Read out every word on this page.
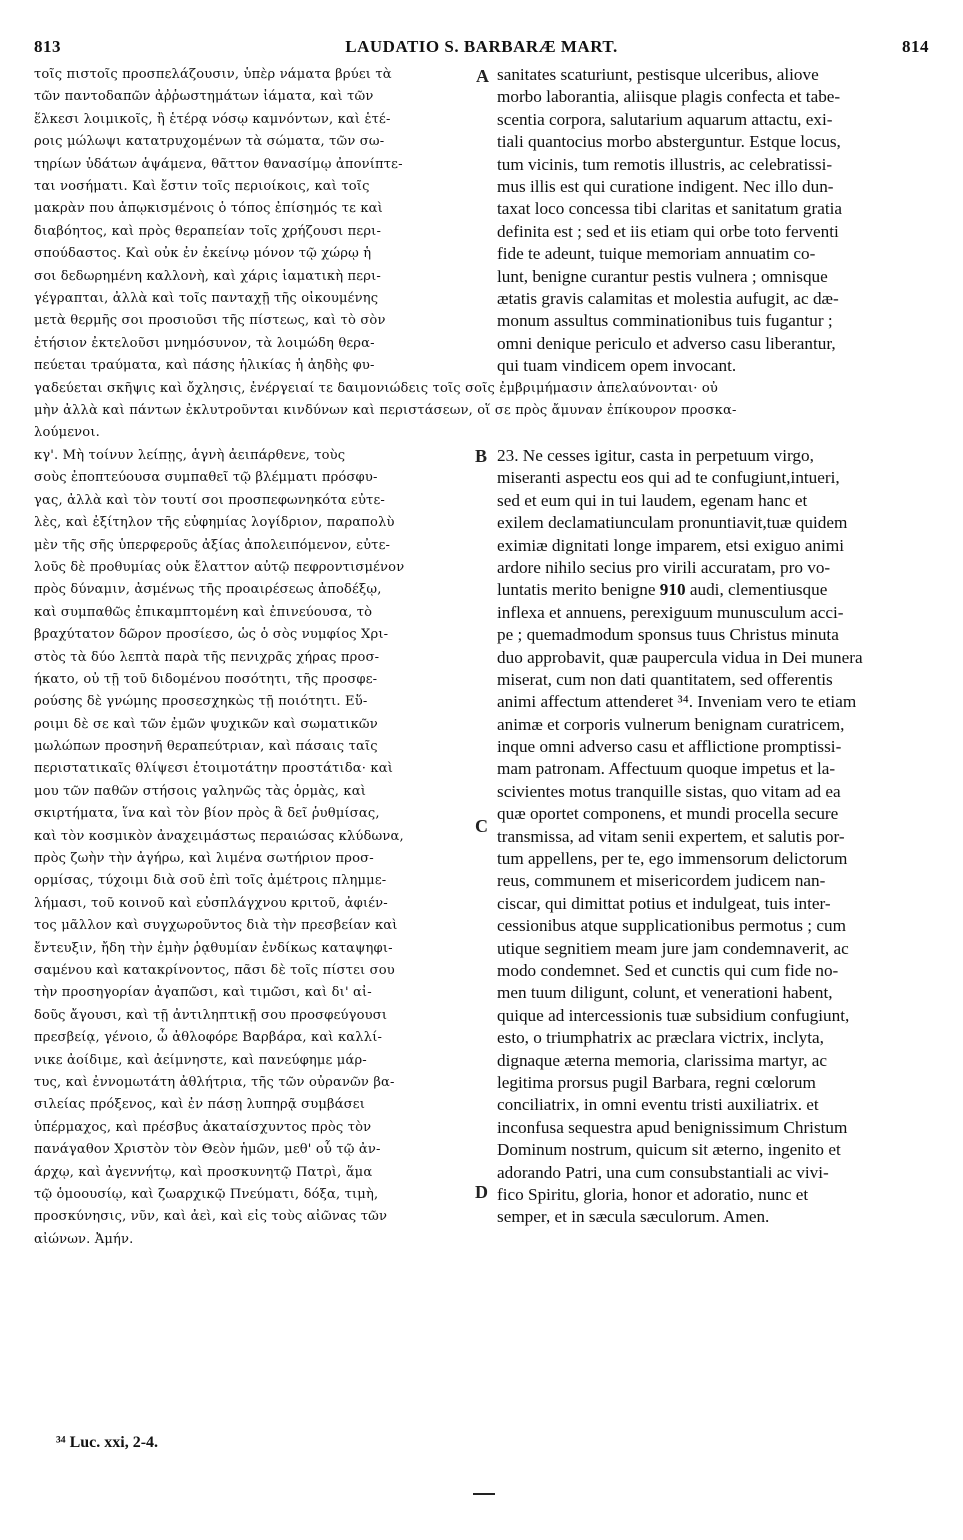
813	LAUDATIO S. BARBARÆ MART.	814
τοῖς πιστοῖς προσπελάζουσιν, ὑπὲρ νάματα βρύει τὰ
τῶν παντοδαπῶν ἀῤῥωστημάτων ἰάματα, καὶ τῶν
ἕλκεσι λοιμικοῖς, ἢ ἑτέρᾳ νόσῳ καμνόντων, καὶ ἑτέ-
ροις μώλωψι κατατρυχομένων τὰ σώματα, τῶν σω-
τηρίων ὑδάτων ἁψάμενα, θᾶττον θανασίμῳ ἀπονίπτε-
ται νοσήματι. Καὶ ἔστιν τοῖς περιοίκοις, καὶ τοῖς
μακρὰν που ἀπῳκισμένοις ὁ τόπος ἐπίσημός τε καὶ
διαβόητος, καὶ πρὸς θεραπείαν τοῖς χρήζουσι περι-
σπούδαστος. Καὶ οὐκ ἐν ἐκείνῳ μόνον τῷ χώρῳ ἡ
σοι δεδωρημένη καλλονὴ, καὶ χάρις ἰαματικὴ περι-
γέγραπται, ἀλλὰ καὶ τοῖς πανταχῇ τῆς οἰκουμένης
μετὰ θερμῆς σοι προσιοῦσι τῆς πίστεως, καὶ τὸ σὸν
ἐτήσιον ἐκτελοῦσι μνημόσυνον, τὰ λοιμώδη θερα-
πεύεται τραύματα, καὶ πάσης ἡλικίας ἡ ἀηδὴς φυ-
sanitates scaturiunt, pestisque ulceribus, aliove
morbo laborantia, aliisque plagis confecta et tabe-
scentia corpora, salutarium aquarum attactu, exi-
tiali quantocius morbo absterguntur. Estque locus,
tum vicinis, tum remotis illustris, ac celebratissi-
mus illis est qui curatione indigent. Nec illo dun-
taxat loco concessa tibi claritas et sanitatum gratia
definita est ; sed et iis etiam qui orbe toto ferventi
fide te adeunt, tuique memoriam annuatim co-
lunt, benigne curantur pestis vulnera ; omnisque
ætatis gravis calamitas et molestia aufugit, ac dæ-
monum assultus comminationibus tuis fugantur ;
omni denique periculo et adverso casu liberantur,
qui tuam vindicem opem invocant.
γαδεύεται σκῆψις καὶ ὄχλησις, ἐνέργειαί τε δαιμονιώδεις τοῖς σοῖς ἐμβριμήμασιν ἀπελαύνονται· οὐ
μὴν ἀλλὰ καὶ πάντων ἐκλυτροῦνται κινδύνων καὶ περιστάσεων, οἵ σε πρὸς ἄμυναν ἐπίκουρον προσκα-
λούμενοι.
κγ'. Μὴ τοίνυν λείπῃς, ἁγνὴ ἀειπάρθενε, τοὺς
σοὺς ἐποπτεύουσα συμπαθεῖ τῷ βλέμματι πρόσφυ-
γας, ἀλλὰ καὶ τὸν τουτί σοι προσπεφωνηκότα εὐτε-
λὲς, καὶ ἐξίτηλον τῆς εὐφημίας λογίδριον, παραπολὺ
μὲν τῆς σῆς ὑπερφεροῦς ἀξίας ἀπολειπόμενον, εὐτε-
λοῦς δὲ προθυμίας οὐκ ἔλαττον αὐτῷ πεφροντισμένον
πρὸς δύναμιν, ἀσμένως τῆς προαιρέσεως ἀποδέξῳ,
καὶ συμπαθῶς ἐπικαμπτομένη καὶ ἐπινεύουσα, τὸ
βραχύτατον δῶρον προσίεσο, ὡς ὁ σὸς νυμφίος Χρι-
στὸς τὰ δύο λεπτὰ παρὰ τῆς πενιχρᾶς χήρας προσ-
ήκατο, οὐ τῇ τοῦ διδομένου ποσότητι, τῆς προσφε-
ρούσης δὲ γνώμης προσεσχηκὼς τῇ ποιότητι. Εὕ-
ροιμι δὲ σε καὶ τῶν ἐμῶν ψυχικῶν καὶ σωματικῶν
μωλώπων προσηνῆ θεραπεύτριαν, καὶ πάσαις ταῖς
περιστατικαῖς θλίψεσι ἑτοιμοτάτην προστάτιδα· καὶ
μου τῶν παθῶν στήσοις γαληνῶς τὰς ὁρμὰς, καὶ
σκιρτήματα, ἵνα καὶ τὸν βίον πρὸς ἃ δεῖ ῥυθμίσας,
καὶ τὸν κοσμικὸν ἀναχειμάστως περαιώσας κλύδωνα,
πρὸς ζωὴν τὴν ἀγήρω, καὶ λιμένα σωτήριον προσ-
ορμίσας, τύχοιμι διὰ σοῦ ἐπὶ τοῖς ἀμέτροις πλημμε-
λήμασι, τοῦ κοινοῦ καὶ εὐσπλάγχνου κριτοῦ, ἀφιέν-
τος μᾶλλον καὶ συγχωροῦντος διὰ τὴν πρεσβείαν καὶ
ἔντευξιν, ἤδη τὴν ἐμὴν ῥᾳθυμίαν ἐνδίκως καταψηφι-
σαμένου καὶ κατακρίνοντος, πᾶσι δὲ τοῖς πίστει σου
τὴν προσηγορίαν ἀγαπῶσι, καὶ τιμῶσι, καὶ δι' αἰ-
δοῦς ἄγουσι, καὶ τῇ ἀντιληπτικῇ σου προσφεύγουσι
πρεσβείᾳ, γένοιο, ὦ ἀθλοφόρε Βαρβάρα, καὶ καλλί-
νικε ἀοίδιμε, καὶ ἀείμνηστε, καὶ πανεύφημε μάρ-
τυς, καὶ ἐννομωτάτη ἀθλήτρια, τῆς τῶν οὐρανῶν βα-
σιλείας πρόξενος, καὶ ἐν πάσῃ λυπηρᾷ συμβάσει
ὑπέρμαχος, καὶ πρέσβυς ἀκαταίσχυντος πρὸς τὸν
πανάγαθον Χριστὸν τὸν Θεὸν ἡμῶν, μεθ' οὗ τῷ ἀν-
άρχῳ, καὶ ἀγεννήτῳ, καὶ προσκυνητῷ Πατρὶ, ἅμα
τῷ ὁμοουσίῳ, καὶ ζωαρχικῷ Πνεύματι, δόξα, τιμὴ,
προσκύνησις, νῦν, καὶ ἀεὶ, καὶ εἰς τοὺς αἰῶνας τῶν
αἰώνων. Ἀμήν.
23. Ne cesses igitur, casta in perpetuum virgo,
miseranti aspectu eos qui ad te confugiunt,intueri,
sed et eum qui in tui laudem, egenam hanc et
exilem declamatiunculam pronuntiavit,tuæ quidem
eximiæ dignitati longe imparem, etsi exiguo animi
ardore nihilo secius pro virili accuratam, pro vo-
luntatis merito benigne 910 audi, clementiusque
inflexa et annuens, perexiguum munusculum acci-
pe ; quemadmodum sponsus tuus Christus minuta
duo approbavit, quæ paupercula vidua in Dei munera
miserat, cum non dati quantitatem, sed offerentis
animi affectum attenderet ³⁴. Inveniam vero te etiam
animæ et corporis vulnerum benignam curatricem,
inque omni adverso casu et afflictione promptissi-
mam patronam. Affectuum quoque impetus et la-
scivientes motus tranquille sistas, quo vitam ad ea
quæ oportet componens, et mundi procella secure
transmissa, ad vitam senii expertem, et salutis por-
tum appellens, per te, ego immensorum delictorum
reus, communem et misericordem judicem nan-
ciscar, qui dimittat potius et indulgeat, tuis inter-
cessionibus atque supplicationibus permotus ; cum
utique segnitiem meam jure jam condemnaverit, ac
modo condemnet. Sed et cunctis qui cum fide no-
men tuum diligunt, colunt, et venerationi habent,
quique ad intercessionis tuæ subsidium confugiunt,
esto, o triumphatrix ac præclara victrix, inclyta,
dignaque æterna memoria, clarissima martyr, ac
legitima prorsus pugil Barbara, regni cœlorum
conciliatrix, in omni eventu tristi auxiliatrix. et
inconfusa sequestra apud benignissimum Christum
Dominum nostrum, quicum sit æterno, ingenito et
adorando Patri, una cum consubstantiali ac vivi-
fico Spiritu, gloria, honor et adoratio, nunc et
semper, et in sæcula sæculorum. Amen.
A
B
C
D
³⁴ Luc. xxi, 2-4.
